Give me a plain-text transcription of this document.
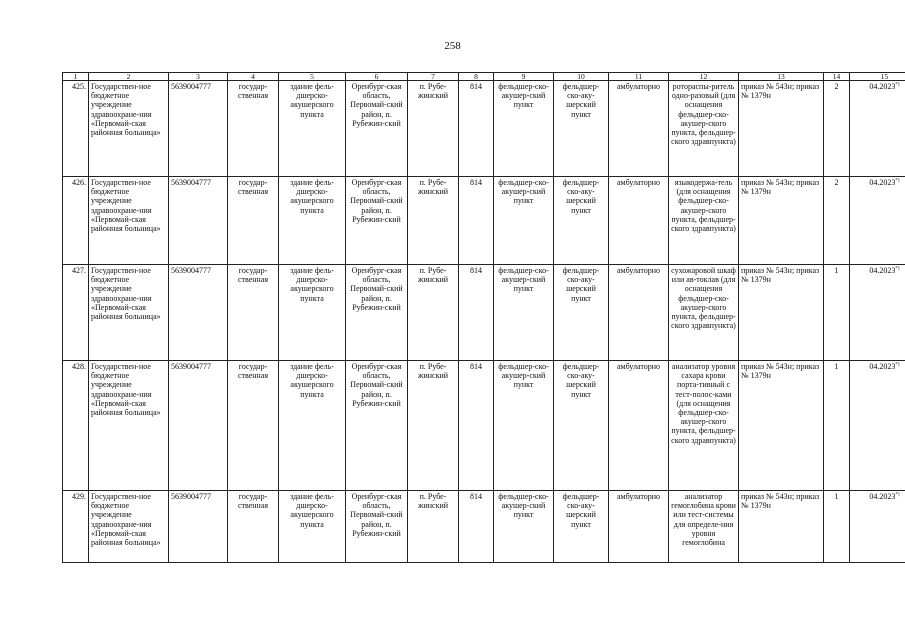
258
1	2	3	4	5	6	7	8	9	10	11	12	13	14	15
425.	Государствен-ное бюджетное учреждение здравоохране-ния «Первомай-ская районная больница»	5639004777	государ-ственная	здание фель-дшерско-акушерского пункта	Оренбург-ская область, Первомай-ский район, п. Рубежин-ский	п. Рубе-жинский	814	фельдшер-ско-акушер-ский пункт	фельдшер-ско-аку-шерский пункт	амбулаторно	ротораспы-ритель одно-разовый (для оснащения фельдшер-ско-акушер-ского пункта, фельдшер-ского здравпункта)	приказ № 543н; приказ № 1379н	2	04.2023*)
426.	Государствен-ное бюджетное учреждение здравоохране-ния «Первомай-ская районная больница»	5639004777	государ-ственная	здание фель-дшерско-акушерского пункта	Оренбург-ская область, Первомай-ский район, п. Рубежин-ский	п. Рубе-жинский	814	фельдшер-ско-акушер-ский пункт	фельдшер-ско-аку-шерский пункт	амбулаторно	языкодержа-тель (для оснащения фельдшер-ско-акушер-ского пункта, фельдшер-ского здравпункта)	приказ № 543н; приказ № 1379н	2	04.2023*)
427.	Государствен-ное бюджетное учреждение здравоохране-ния «Первомай-ская районная больница»	5639004777	государ-ственная	здание фель-дшерско-акушерского пункта	Оренбург-ская область, Первомай-ский район, п. Рубежин-ский	п. Рубе-жинский	814	фельдшер-ско-акушер-ский пункт	фельдшер-ско-аку-шерский пункт	амбулаторно	сухожаровой шкаф или ав-токлав (для оснащения фельдшер-ско-акушер-ского пункта, фельдшер-ского здравпункта)	приказ № 543н; приказ № 1379н	1	04.2023*)
428.	Государствен-ное бюджетное учреждение здравоохране-ния «Первомай-ская районная больница»	5639004777	государ-ственная	здание фель-дшерско-акушерского пункта	Оренбург-ская область, Первомай-ский район, п. Рубежин-ский	п. Рубе-жинский	814	фельдшер-ско-акушер-ский пункт	фельдшер-ско-аку-шерский пункт	амбулаторно	анализатор уровня сахара крови порта-тивный с тест-полос-ками (для оснащения фельдшер-ско-акушер-ского пункта, фельдшер-ского здравпункта)	приказ № 543н; приказ № 1379н	1	04.2023*)
429.	Государствен-ное бюджетное учреждение здравоохране-ния «Первомай-ская районная больница»	5639004777	государ-ственная	здание фель-дшерско-акушерского пункта	Оренбург-ская область, Первомай-ский район, п. Рубежин-ский	п. Рубе-жинский	814	фельдшер-ско-акушер-ский пункт	фельдшер-ско-аку-шерский пункт	амбулаторно	анализатор гемоглобина крови или тест-системы для определе-ния уровня гемоглобина	приказ № 543н; приказ № 1379н	1	04.2023*)
